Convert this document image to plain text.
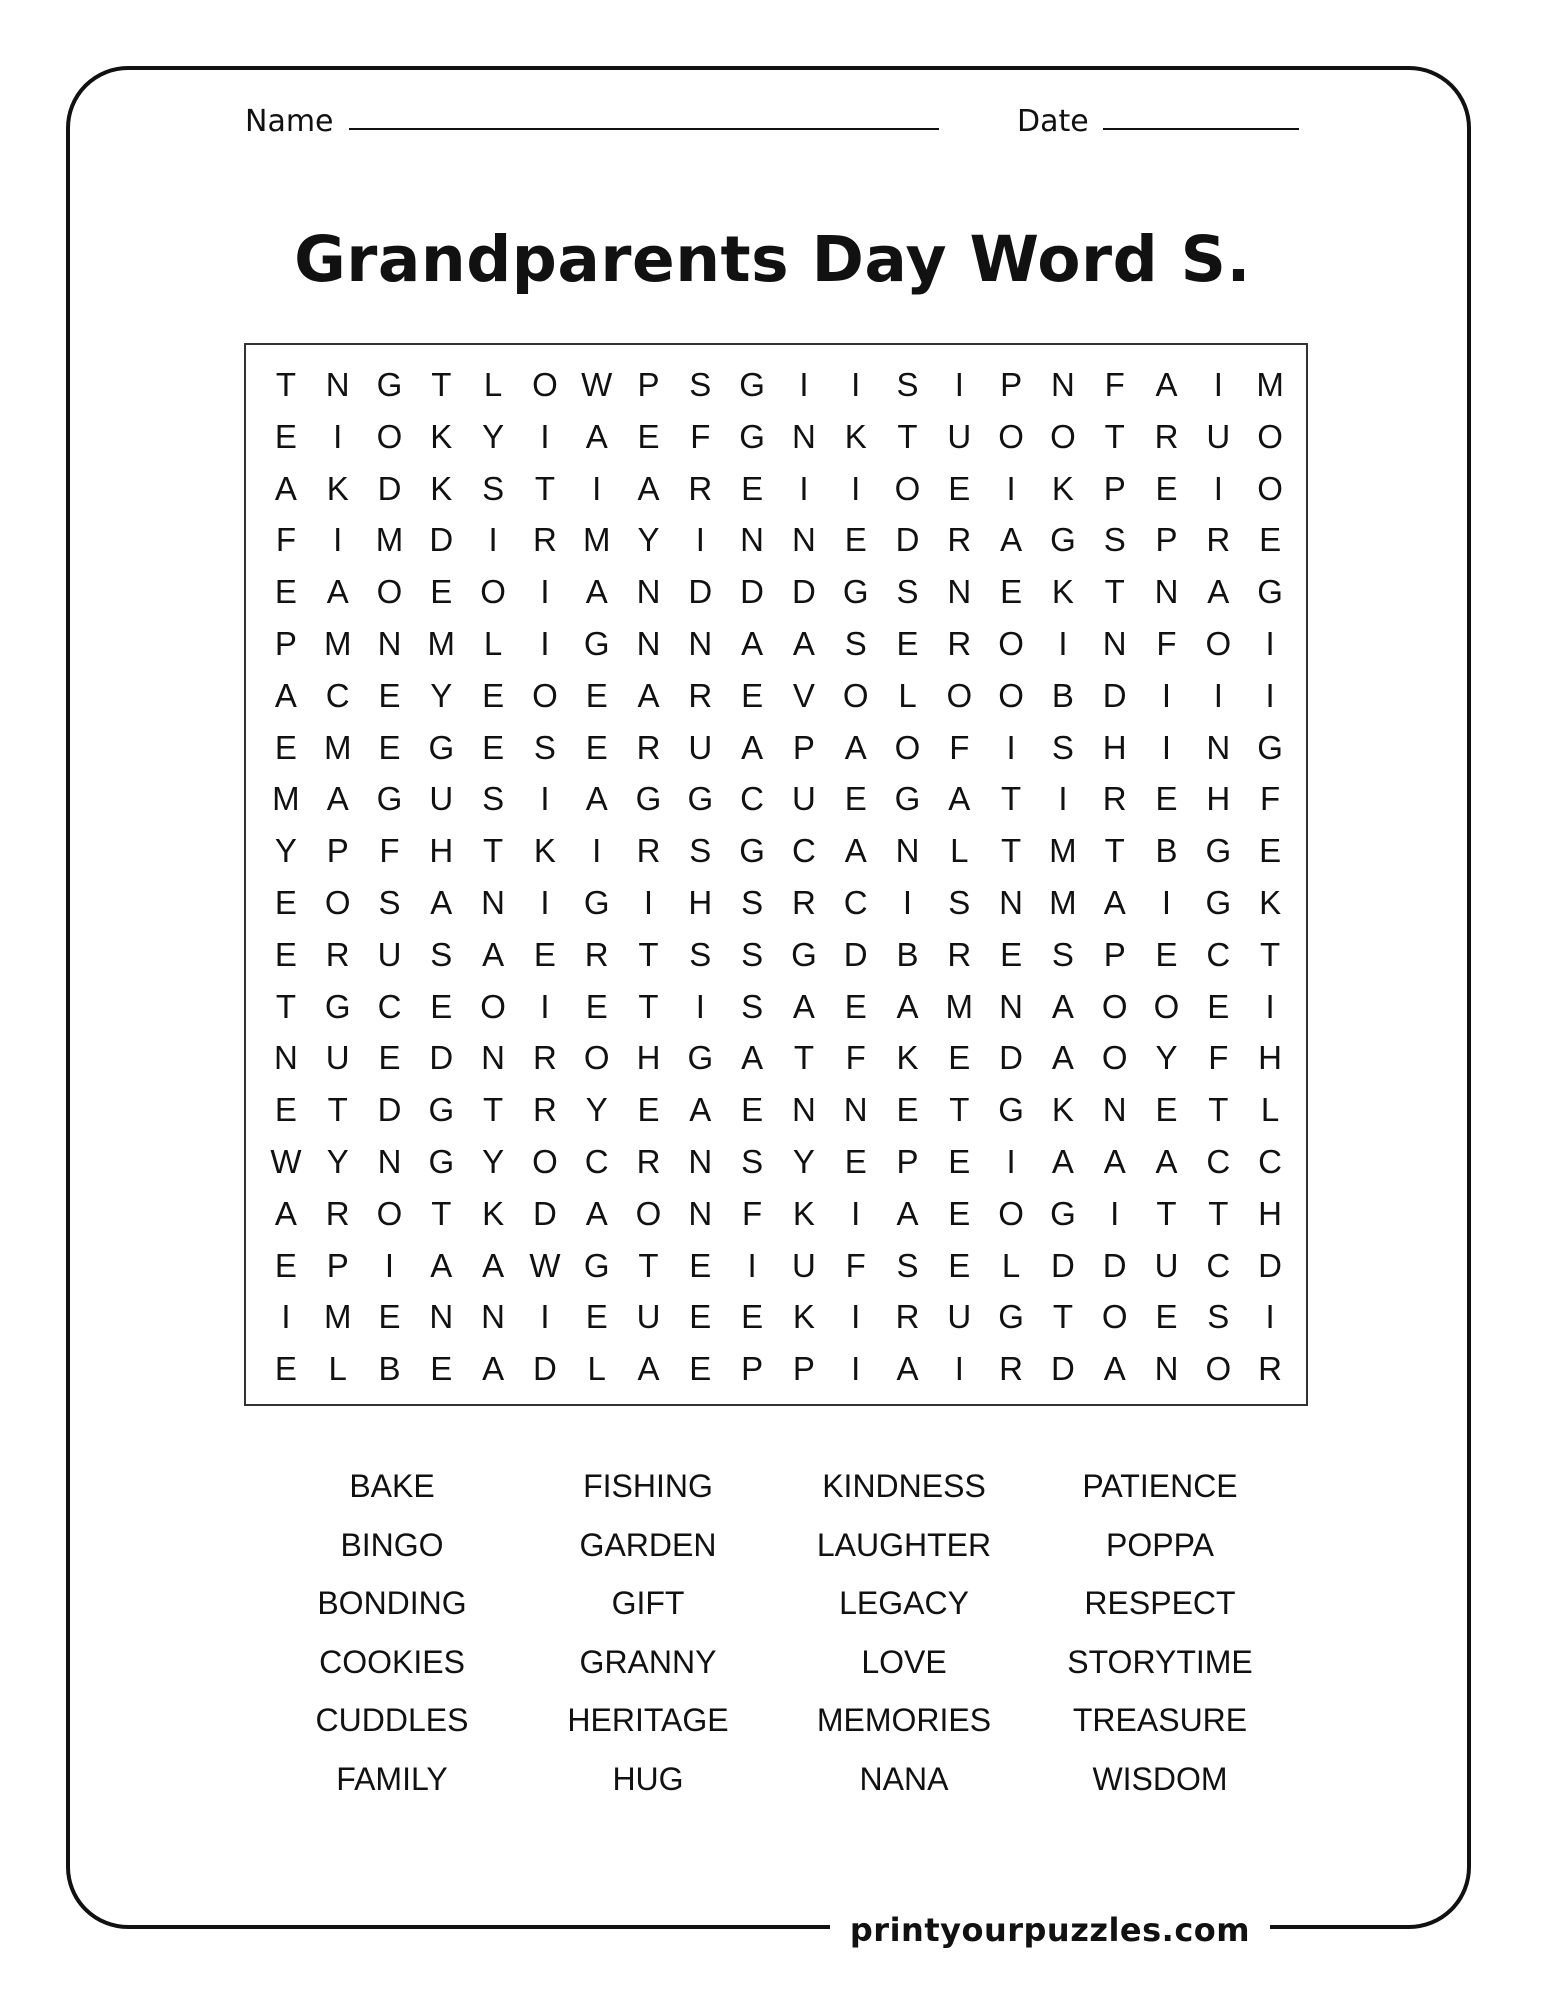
Name	Date
Grandparents Day Word S.
T N G T L O W P S G	I	I	S	I	P N F A	I	M
E	I	O K Y	I	A E F G N K T U O O T R U O
A K D K S T	I	A R E	I	I	O E	I	K P E	I	O
F	I	M D	I	R M Y	I	N N E D R A G S P R E
E A O E O	I	A N D D D G S N E K T N A G
P M N M L	I	G N N A A S E R O	I	N F O	I
A C E Y E O E A R E V O L O O B D	I	I	I
E M E G E S E R U A P A O F	I	S H	I	N G
M A G U S	I	A G G C U E G A T	I	R E H F
Y P F H T K	I	R S G C A N L T M T B G E
E O S A N	I	G	I	H S R C	I	S N M A	I	G K
E R U S A E R T S S G D B R E S P E C T
T G C E O	I	E T	I	S A E A M N A O O E	I
N U E D N R O H G A T F K E D A O Y F H
E T D G T R Y E A E N N E T G K N E T L
W Y N G Y O C R N S Y E P E	I	A A A C C
A R O T K D A O N F K	I	A E O G	I	T T H
E P	I	A A W G T E	I	U F S E L D D U C D
I	M E N N	I	E U E E K	I	R U G T O E S	I
E L B E A D L A E P P	I	A	I	R D A N O R
BAKE
BINGO
BONDING
COOKIES
CUDDLES
FAMILY
FISHING
GARDEN
GIFT
GRANNY
HERITAGE
HUG
KINDNESS
LAUGHTER
LEGACY
LOVE
MEMORIES
NANA
PATIENCE
POPPA
RESPECT
STORYTIME
TREASURE
WISDOM
printyourpuzzles.com
